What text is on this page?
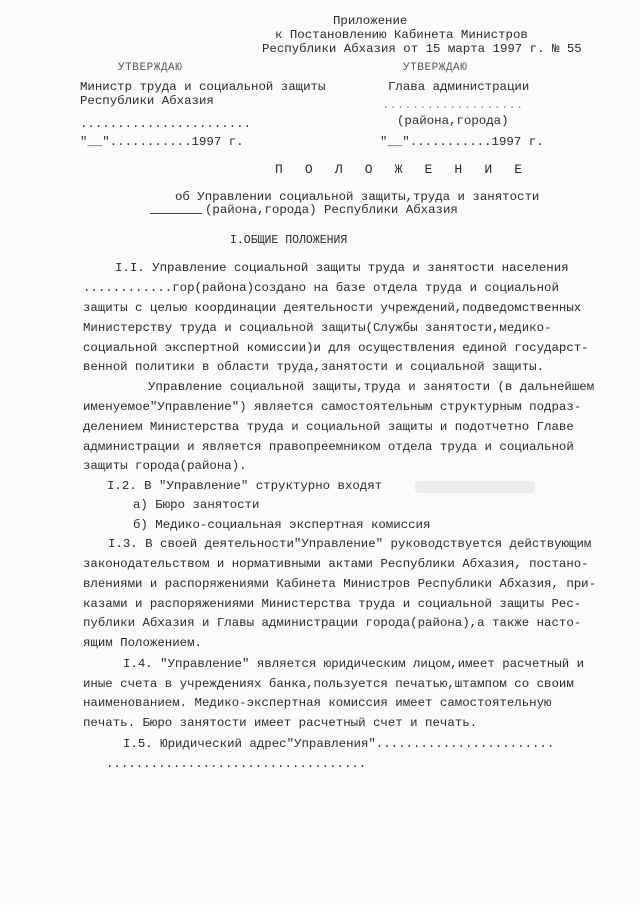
Приложение
к Постановлению Кабинета Министров
Республики Абхазия от 15 марта 1997 г. № 55
УТВЕРЖДАЮ	УТВЕРЖДАЮ
Министр труда и социальной защиты
Республики Абхазия
Глава администрации
...................
.......................	(района,города)
"__"...........1997 г.	"__"...........1997 г.
П О Л О Ж Е Н И Е
об Управлении социальной защиты,труда и занятости
(района,города) Республики Абхазия
I.ОБЩИЕ ПОЛОЖЕНИЯ
I.I. Управление социальной защиты труда и занятости населения
............гор(района)создано на базе отдела труда и социальной
защиты с целью координации деятельности учреждений,подведомственных
Министерству труда и социальной защиты(Службы занятости,медико-
социальной экспертной комиссии)и для осуществления единой государст-
венной политики в области труда,занятости и социальной защиты.
Управление социальной защиты,труда и занятости (в дальнейшем
именуемое"Управление") является самостоятельным структурным подраз-
делением Министерства труда и социальной защиты и подотчетно Главе
администрации и является правопреемником отдела труда и социальной
защиты города(района).
I.2. В "Управление" структурно входят
а) Бюро занятости
б) Медико-социальная экспертная комиссия
I.3. В своей деятельности"Управление" руководствуется действующим
законодательством и нормативными актами Республики Абхазия, постано-
влениями и распоряжениями Кабинета Министров Республики Абхазия, при-
казами и распоряжениями Министерства труда и социальной защиты Рес-
публики Абхазия и Главы администрации города(района),а также насто-
ящим Положением.
I.4. "Управление" является юридическим лицом,имеет расчетный и
иные счета в учреждениях банка,пользуется печатью,штампом со своим
наименованием. Медико-экспертная комиссия имеет самостоятельную
печать. Бюро занятости имеет расчетный счет и печать.
I.5. Юридический адрес"Управления"........................
...................................
